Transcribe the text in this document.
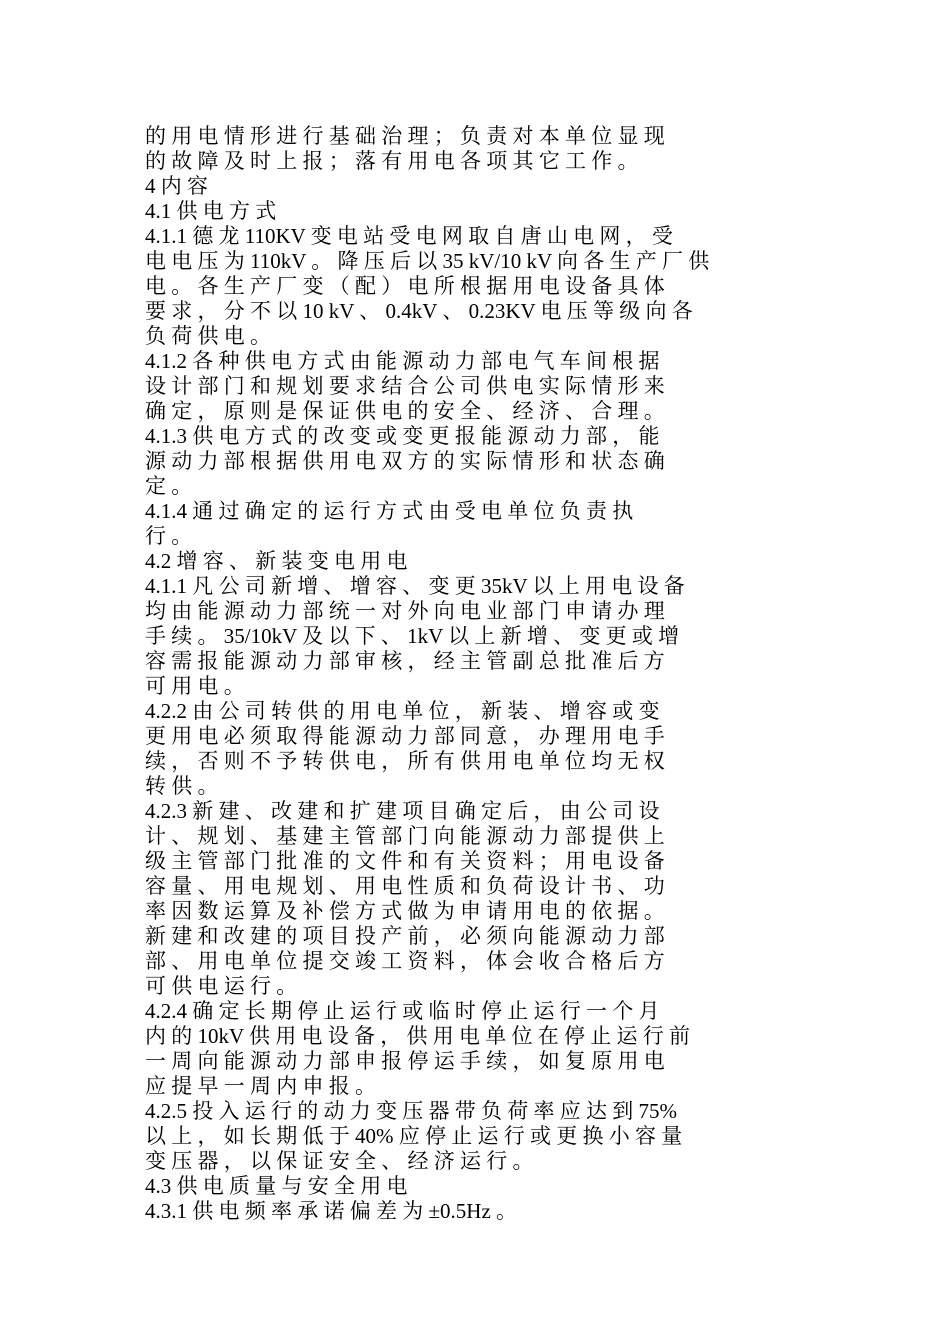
的 用 电 情 形 进 行 基 础 治 理 ； 负 责 对 本 单 位 显 现
的 故 障 及 时 上 报 ； 落 有 用 电 各 项 其 它 工 作 。
4 内 容
4.1 供 电 方 式
4.1.1 德 龙 110KV 变 电 站 受 电 网 取 自 唐 山 电 网 ， 受
电 电 压 为 110kV 。 降 压 后 以 35 kV/10 kV 向 各 生 产 厂 供
电 。 各 生 产 厂 变 （ 配 ） 电 所 根 据 用 电 设 备 具 体
要 求 ， 分 不 以 10 kV 、 0.4kV 、 0.23KV 电 压 等 级 向 各
负 荷 供 电 。
4.1.2 各 种 供 电 方 式 由 能 源 动 力 部 电 气 车 间 根 据
设 计 部 门 和 规 划 要 求 结 合 公 司 供 电 实 际 情 形 来
确 定 ， 原 则 是 保 证 供 电 的 安 全 、 经 济 、 合 理 。
4.1.3 供 电 方 式 的 改 变 或 变 更 报 能 源 动 力 部 ， 能
源 动 力 部 根 据 供 用 电 双 方 的 实 际 情 形 和 状 态 确
定 。
4.1.4 通 过 确 定 的 运 行 方 式 由 受 电 单 位 负 责 执
行 。
4.2 增 容 、 新 装 变 电 用 电
4.1.1 凡 公 司 新 增 、 增 容 、 变 更 35kV 以 上 用 电 设 备
均 由 能 源 动 力 部 统 一 对 外 向 电 业 部 门 申 请 办 理
手 续 。 35/10kV 及 以 下 、 1kV 以 上 新 增 、 变 更 或 增
容 需 报 能 源 动 力 部 审 核 ， 经 主 管 副 总 批 准 后 方
可 用 电 。
4.2.2 由 公 司 转 供 的 用 电 单 位 ， 新 装 、 增 容 或 变
更 用 电 必 须 取 得 能 源 动 力 部 同 意 ， 办 理 用 电 手
续 ， 否 则 不 予 转 供 电 ， 所 有 供 用 电 单 位 均 无 权
转 供 。
4.2.3 新 建 、 改 建 和 扩 建 项 目 确 定 后 ， 由 公 司 设
计 、 规 划 、 基 建 主 管 部 门 向 能 源 动 力 部 提 供 上
级 主 管 部 门 批 准 的 文 件 和 有 关 资 料 ； 用 电 设 备
容 量 、 用 电 规 划 、 用 电 性 质 和 负 荷 设 计 书 、 功
率 因 数 运 算 及 补 偿 方 式 做 为 申 请 用 电 的 依 据 。
新 建 和 改 建 的 项 目 投 产 前 ， 必 须 向 能 源 动 力 部
部 、 用 电 单 位 提 交 竣 工 资 料 ， 体 会 收 合 格 后 方
可 供 电 运 行 。
4.2.4 确 定 长 期 停 止 运 行 或 临 时 停 止 运 行 一 个 月
内 的 10kV 供 用 电 设 备 ， 供 用 电 单 位 在 停 止 运 行 前
一 周 向 能 源 动 力 部 申 报 停 运 手 续 ， 如 复 原 用 电
应 提 早 一 周 内 申 报 。
4.2.5 投 入 运 行 的 动 力 变 压 器 带 负 荷 率 应 达 到 75%
以 上 ， 如 长 期 低 于 40% 应 停 止 运 行 或 更 换 小 容 量
变 压 器 ， 以 保 证 安 全 、 经 济 运 行 。
4.3 供 电 质 量 与 安 全 用 电
4.3.1 供 电 频 率 承 诺 偏 差 为 ±0.5Hz 。
